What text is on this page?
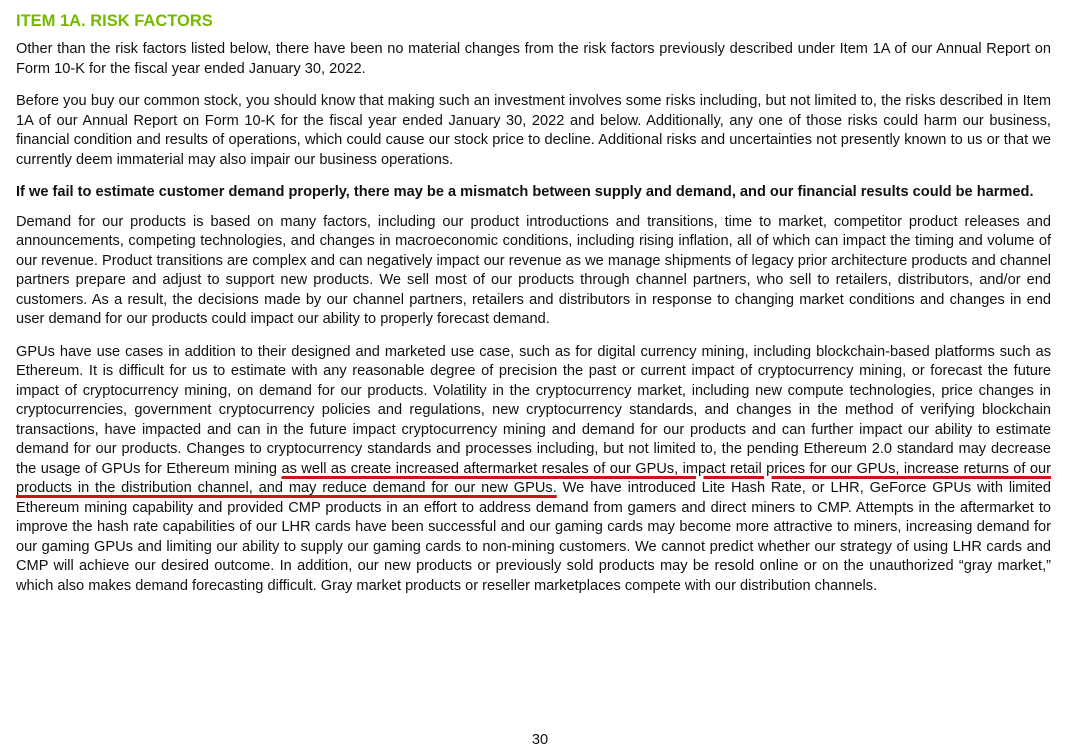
ITEM 1A. RISK FACTORS

Other than the risk factors listed below, there have been no material changes from the risk factors previously described under Item 1A of our Annual Report on Form 10-K for the fiscal year ended January 30, 2022.

Before you buy our common stock, you should know that making such an investment involves some risks including, but not limited to, the risks described in Item 1A of our Annual Report on Form 10-K for the fiscal year ended January 30, 2022 and below. Additionally, any one of those risks could harm our business, financial condition and results of operations, which could cause our stock price to decline. Additional risks and uncertainties not presently known to us or that we currently deem immaterial may also impair our business operations.

If we fail to estimate customer demand properly, there may be a mismatch between supply and demand, and our financial results could be harmed.

Demand for our products is based on many factors, including our product introductions and transitions, time to market, competitor product releases and announcements, competing technologies, and changes in macroeconomic conditions, including rising inflation, all of which can impact the timing and volume of our revenue. Product transitions are complex and can negatively impact our revenue as we manage shipments of legacy prior architecture products and channel partners prepare and adjust to support new products. We sell most of our products through channel partners, who sell to retailers, distributors, and/or end customers. As a result, the decisions made by our channel partners, retailers and distributors in response to changing market conditions and changes in end user demand for our products could impact our ability to properly forecast demand.

GPUs have use cases in addition to their designed and marketed use case, such as for digital currency mining, including blockchain-based platforms such as Ethereum. It is difficult for us to estimate with any reasonable degree of precision the past or current impact of cryptocurrency mining, or forecast the future impact of cryptocurrency mining, on demand for our products. Volatility in the cryptocurrency market, including new compute technologies, price changes in cryptocurrencies, government cryptocurrency policies and regulations, new cryptocurrency standards, and changes in the method of verifying blockchain transactions, have impacted and can in the future impact cryptocurrency mining and demand for our products and can further impact our ability to estimate demand for our products. Changes to cryptocurrency standards and processes including, but not limited to, the pending Ethereum 2.0 standard may decrease the usage of GPUs for Ethereum mining as well as create increased aftermarket resales of our GPUs, impact retail prices for our GPUs, increase returns of our products in the distribution channel, and may reduce demand for our new GPUs. We have introduced Lite Hash Rate, or LHR, GeForce GPUs with limited Ethereum mining capability and provided CMP products in an effort to address demand from gamers and direct miners to CMP. Attempts in the aftermarket to improve the hash rate capabilities of our LHR cards have been successful and our gaming cards may become more attractive to miners, increasing demand for our gaming GPUs and limiting our ability to supply our gaming cards to non-mining customers. We cannot predict whether our strategy of using LHR cards and CMP will achieve our desired outcome. In addition, our new products or previously sold products may be resold online or on the unauthorized “gray market,” which also makes demand forecasting difficult. Gray market products or reseller marketplaces compete with our distribution channels.

30
